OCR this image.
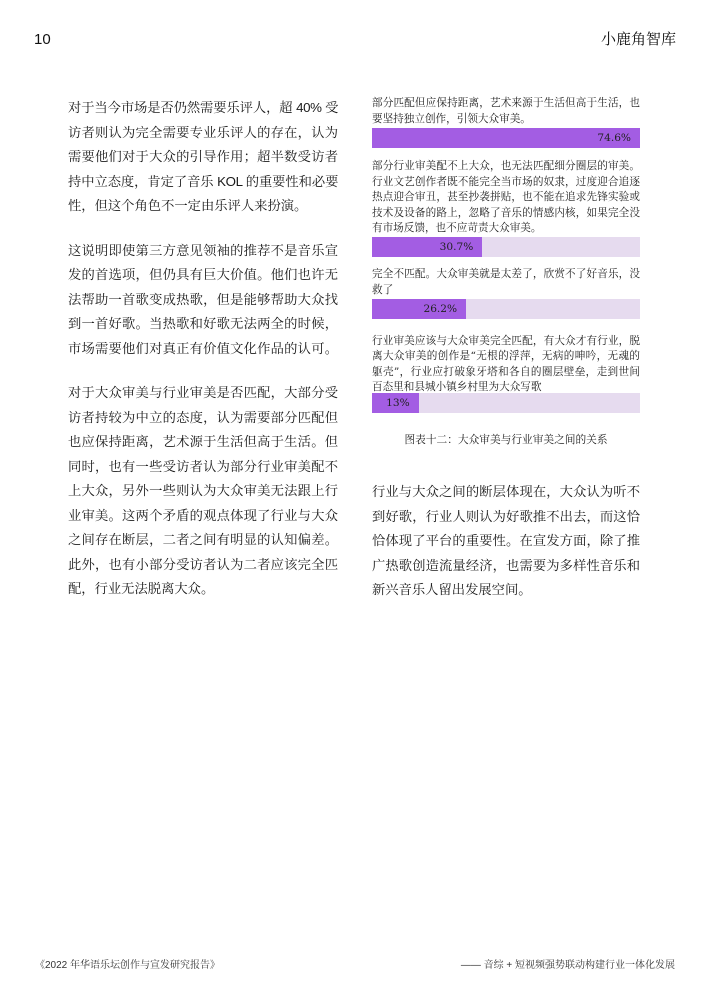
10	小鹿角智库
对于当今市场是否仍然需要乐评人，超 40% 受
访者则认为完全需要专业乐评人的存在，认为
需要他们对于大众的引导作用；超半数受访者
持中立态度，肯定了音乐 KOL 的重要性和必要
性，但这个角色不一定由乐评人来扮演。
这说明即使第三方意见领袖的推荐不是音乐宣
发的首选项，但仍具有巨大价值。他们也许无
法帮助一首歌变成热歌，但是能够帮助大众找
到一首好歌。当热歌和好歌无法两全的时候，
市场需要他们对真正有价值文化作品的认可。
对于大众审美与行业审美是否匹配，大部分受
访者持较为中立的态度，认为需要部分匹配但
也应保持距离，艺术源于生活但高于生活。但
同时，也有一些受访者认为部分行业审美配不
上大众，另外一些则认为大众审美无法跟上行
业审美。这两个矛盾的观点体现了行业与大众
之间存在断层，二者之间有明显的认知偏差。
此外，也有小部分受访者认为二者应该完全匹
配，行业无法脱离大众。
部分匹配但应保持距离，艺术来源于生活但高于生活，也
要坚持独立创作，引领大众审美。
74.6%
部分行业审美配不上大众，也无法匹配细分圈层的审美。
行业文艺创作者既不能完全当市场的奴隶，过度迎合追逐
热点迎合审丑，甚至抄袭拼贴，也不能在追求先锋实验或
技术及设备的路上，忽略了音乐的情感内核，如果完全没
有市场反馈，也不应苛责大众审美。
30.7%
完全不匹配。大众审美就是太差了，欣赏不了好音乐，没
救了
26.2%
行业审美应该与大众审美完全匹配，有大众才有行业，脱
离大众审美的创作是“无根的浮萍，无病的呻吟，无魂的
躯壳”，行业应打破象牙塔和各自的圈层壁垒，走到世间
百态里和县城小镇乡村里为大众写歌
13%
图表十二：大众审美与行业审美之间的关系
行业与大众之间的断层体现在，大众认为听不
到好歌，行业人则认为好歌推不出去，而这恰
恰体现了平台的重要性。在宣发方面，除了推
广热歌创造流量经济，也需要为多样性音乐和
新兴音乐人留出发展空间。
《2022 年华语乐坛创作与宣发研究报告》	—— 音综 + 短视频强势联动构建行业一体化发展
